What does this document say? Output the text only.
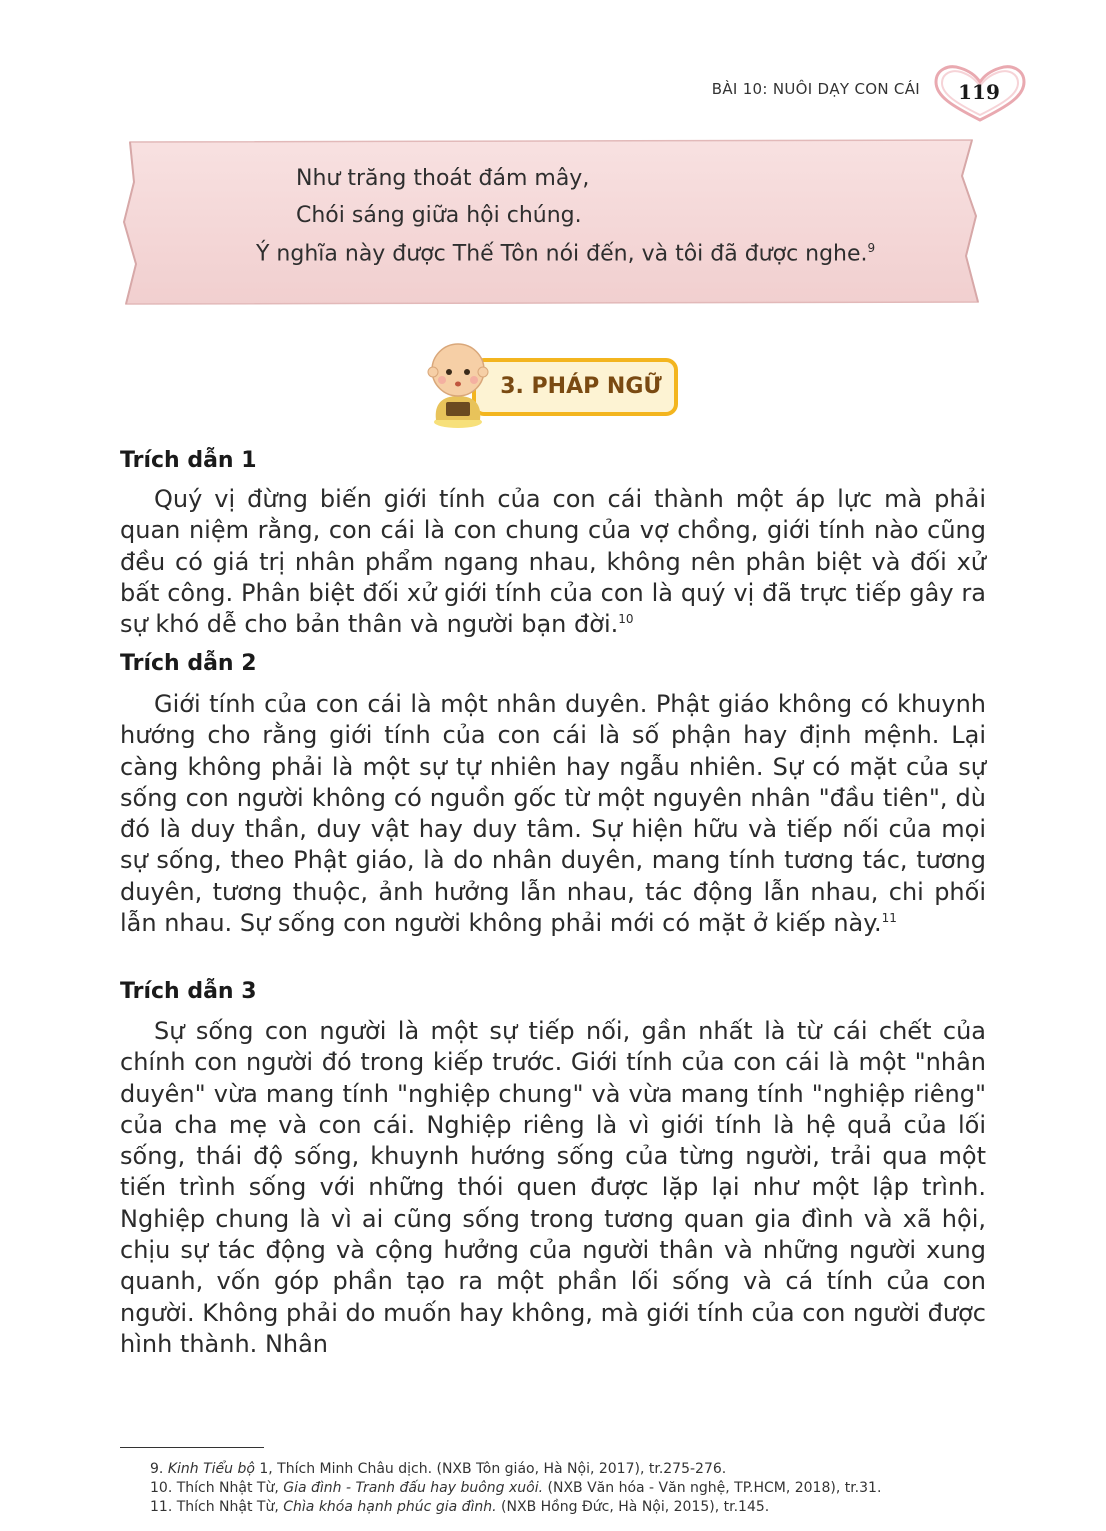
BÀI 10: NUÔI DẠY CON CÁI 119
Như trăng thoát đám mây,
Chói sáng giữa hội chúng.
Ý nghĩa này được Thế Tôn nói đến, và tôi đã được nghe.$^9$
3. PHÁP NGỮ
Trích dẫn 1
Quý vị đừng biến giới tính của con cái thành một áp lực mà phải quan niệm rằng, con cái là con chung của vợ chồng, giới tính nào cũng đều có giá trị nhân phẩm ngang nhau, không nên phân biệt và đối xử bất công. Phân biệt đối xử giới tính của con là quý vị đã trực tiếp gây ra sự khó dễ cho bản thân và người bạn đời.$^{10}$
Trích dẫn 2
Giới tính của con cái là một nhân duyên. Phật giáo không có khuynh hướng cho rằng giới tính của con cái là số phận hay định mệnh. Lại càng không phải là một sự tự nhiên hay ngẫu nhiên. Sự có mặt của sự sống con người không có nguồn gốc từ một nguyên nhân "đầu tiên", dù đó là duy thần, duy vật hay duy tâm. Sự hiện hữu và tiếp nối của mọi sự sống, theo Phật giáo, là do nhân duyên, mang tính tương tác, tương duyên, tương thuộc, ảnh hưởng lẫn nhau, tác động lẫn nhau, chi phối lẫn nhau. Sự sống con người không phải mới có mặt ở kiếp này.$^{11}$
Trích dẫn 3
Sự sống con người là một sự tiếp nối, gần nhất là từ cái chết của chính con người đó trong kiếp trước. Giới tính của con cái là một "nhân duyên" vừa mang tính "nghiệp chung" và vừa mang tính "nghiệp riêng" của cha mẹ và con cái. Nghiệp riêng là vì giới tính là hệ quả của lối sống, thái độ sống, khuynh hướng sống của từng người, trải qua một tiến trình sống với những thói quen được lặp lại như một lập trình. Nghiệp chung là vì ai cũng sống trong tương quan gia đình và xã hội, chịu sự tác động và cộng hưởng của người thân và những người xung quanh, vốn góp phần tạo ra một phần lối sống và cá tính của con người. Không phải do muốn hay không, mà giới tính của con người được hình thành. Nhân

9. Kinh Tiểu bộ 1, Thích Minh Châu dịch. (NXB Tôn giáo, Hà Nội, 2017), tr.275-276.

10. Thích Nhật Từ, Gia đình - Tranh đấu hay buông xuôi. (NXB Văn hóa - Văn nghệ, TP.HCM, 2018), tr.31.

11. Thích Nhật Từ, Chìa khóa hạnh phúc gia đình. (NXB Hồng Đức, Hà Nội, 2015), tr.145.
